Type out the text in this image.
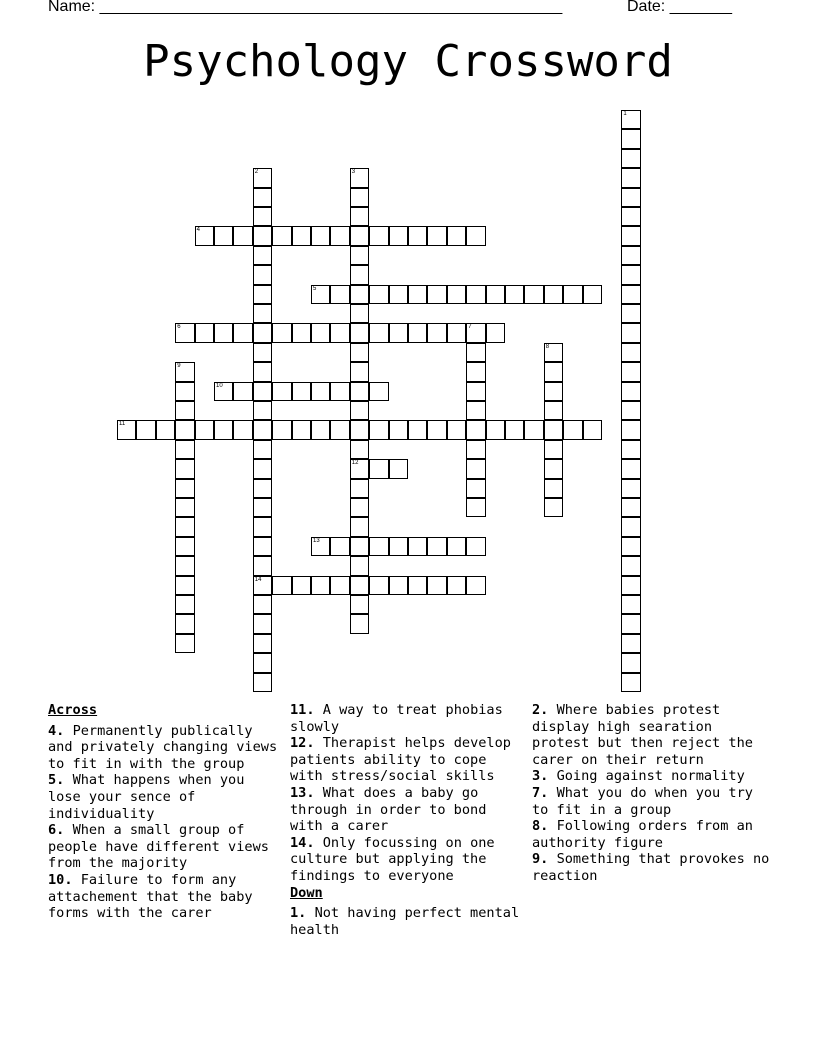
Name: ____________________________________________________	Date: _______
Psychology Crossword
1
2
14
3
12
4
5
6	7
8
9
10
11
13
Across

4. Permanently publically and privately changing views to fit in with the group

5. What happens when you lose your sence of individuality

6. When a small group of people have different views from the majority

10. Failure to form any attachement that the baby forms with the carer

11. A way to treat phobias slowly

12. Therapist helps develop patients ability to cope with stress/social skills

13. What does a baby go through in order to bond with a carer

14. Only focussing on one culture but applying the findings to everyone

Down

1. Not having perfect mental health

2. Where babies protest display high searation protest but then reject the carer on their return

3. Going against normality

7. What you do when you try to fit in a group

8. Following orders from an authority figure

9. Something that provokes no reaction
